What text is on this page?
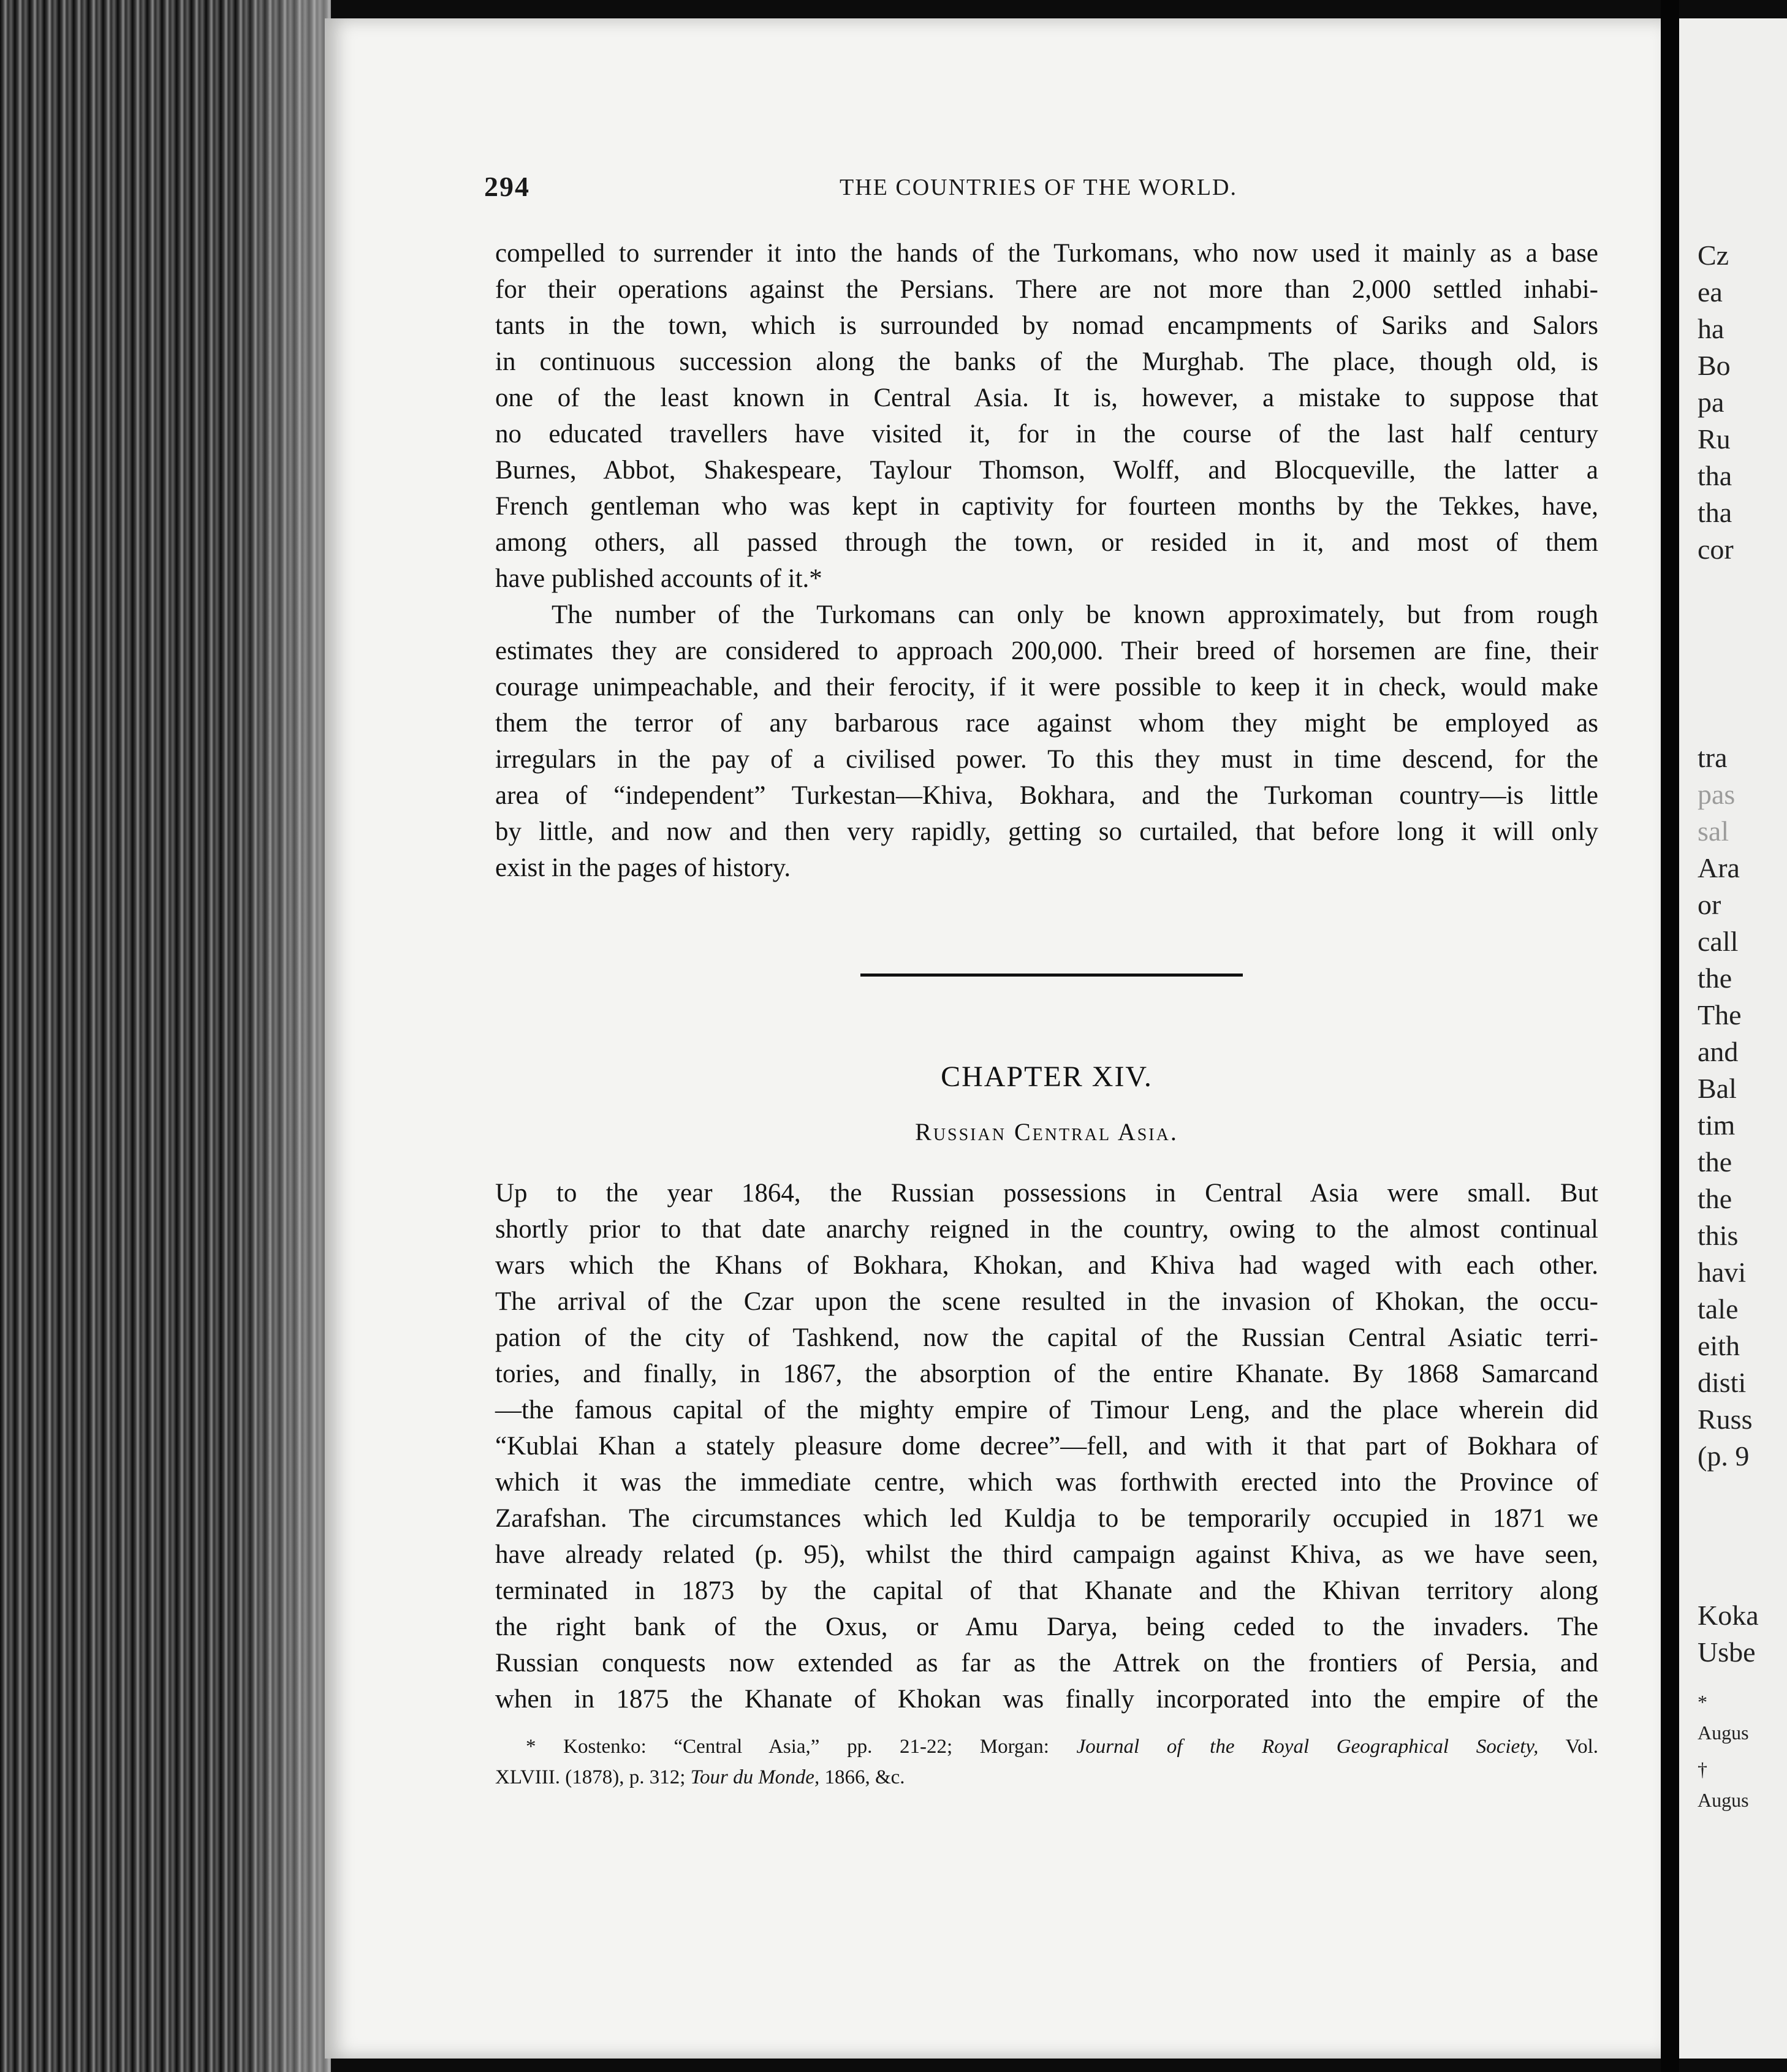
294	THE COUNTRIES OF THE WORLD.
compelled to surrender it into the hands of the Turkomans, who now used it mainly as a base
for their operations against the Persians. There are not more than 2,000 settled inhabi-
tants in the town, which is surrounded by nomad encampments of Sariks and Salors
in continuous succession along the banks of the Murghab. The place, though old, is
one of the least known in Central Asia. It is, however, a mistake to suppose that
no educated travellers have visited it, for in the course of the last half century
Burnes, Abbot, Shakespeare, Taylour Thomson, Wolff, and Blocqueville, the latter a
French gentleman who was kept in captivity for fourteen months by the Tekkes, have,
among others, all passed through the town, or resided in it, and most of them
have published accounts of it.*
The number of the Turkomans can only be known approximately, but from rough
estimates they are considered to approach 200,000. Their breed of horsemen are fine, their
courage unimpeachable, and their ferocity, if it were possible to keep it in check, would make
them the terror of any barbarous race against whom they might be employed as
irregulars in the pay of a civilised power. To this they must in time descend, for the
area of “independent” Turkestan—Khiva, Bokhara, and the Turkoman country—is little
by little, and now and then very rapidly, getting so curtailed, that before long it will only
exist in the pages of history.
CHAPTER XIV.
Russian Central Asia.
Up to the year 1864, the Russian possessions in Central Asia were small. But
shortly prior to that date anarchy reigned in the country, owing to the almost continual
wars which the Khans of Bokhara, Khokan, and Khiva had waged with each other.
The arrival of the Czar upon the scene resulted in the invasion of Khokan, the occu-
pation of the city of Tashkend, now the capital of the Russian Central Asiatic terri-
tories, and finally, in 1867, the absorption of the entire Khanate. By 1868 Samarcand
—the famous capital of the mighty empire of Timour Leng, and the place wherein did
“Kublai Khan a stately pleasure dome decree”—fell, and with it that part of Bokhara of
which it was the immediate centre, which was forthwith erected into the Province of
Zarafshan. The circumstances which led Kuldja to be temporarily occupied in 1871 we
have already related (p. 95), whilst the third campaign against Khiva, as we have seen,
terminated in 1873 by the capital of that Khanate and the Khivan territory along
the right bank of the Oxus, or Amu Darya, being ceded to the invaders. The
Russian conquests now extended as far as the Attrek on the frontiers of Persia, and
when in 1875 the Khanate of Khokan was finally incorporated into the empire of the
* Kostenko: “Central Asia,” pp. 21-22; Morgan: Journal of the Royal Geographical Society, Vol.
XLVIII. (1878), p. 312; Tour du Monde, 1866, &c.
Cz
ea
ha
Bo
pa
Ru
tha
tha
cor
tra
pas
sal
Ara
or
call
the
The
and
Bal
tim
the
the
this
havi
tale
eith
disti
Russ
(p. 9
Koka
Usbe
*
Augus
†
Augus
